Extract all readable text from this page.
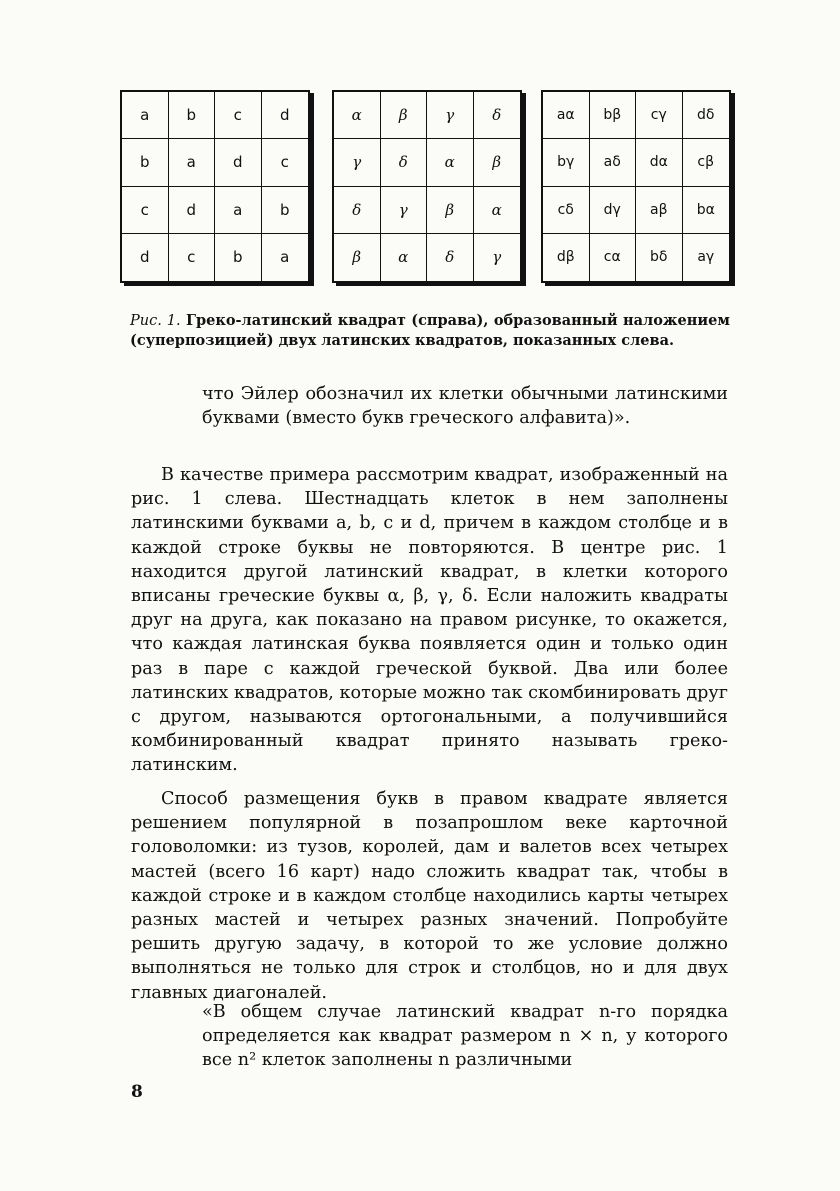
a	b	c	d
b	a	d	c
c	d	a	b
d	c	b	a
α	β	γ	δ
γ	δ	α	β
δ	γ	β	α
β	α	δ	γ
aα	bβ	cγ	dδ
bγ	aδ	dα	cβ
cδ	dγ	aβ	bα
dβ	cα	bδ	aγ
Рис. 1. Греко-латинский квадрат (справа), образованный наложением (суперпозицией) двух латинских квадратов, показанных слева.

что Эйлер обозначил их клетки обычными латинскими буквами (вместо букв греческого алфавита)».

В качестве примера рассмотрим квадрат, изображенный на рис. 1 слева. Шестнадцать клеток в нем заполнены латинскими буквами a, b, c и d, причем в каждом столбце и в каждой строке буквы не повторяются. В центре рис. 1 находится другой латинский квадрат, в клетки которого вписаны греческие буквы α, β, γ, δ. Если наложить квадраты друг на друга, как показано на правом рисунке, то окажется, что каждая латинская буква появляется один и только один раз в паре с каждой греческой буквой. Два или более латинских квадратов, которые можно так скомбинировать друг с другом, называются ортогональными, а получившийся комбинированный квадрат принято называть греко-латинским.

Способ размещения букв в правом квадрате является решением популярной в позапрошлом веке карточной головоломки: из тузов, королей, дам и валетов всех четырех мастей (всего 16 карт) надо сложить квадрат так, чтобы в каждой строке и в каждом столбце находились карты четырех разных мастей и четырех разных значений. Попробуйте решить другую задачу, в которой то же условие должно выполняться не только для строк и столбцов, но и для двух главных диагоналей.

«В общем случае латинский квадрат n-го порядка определяется как квадрат размером n × n, у которого все n² клеток заполнены n различными

8
